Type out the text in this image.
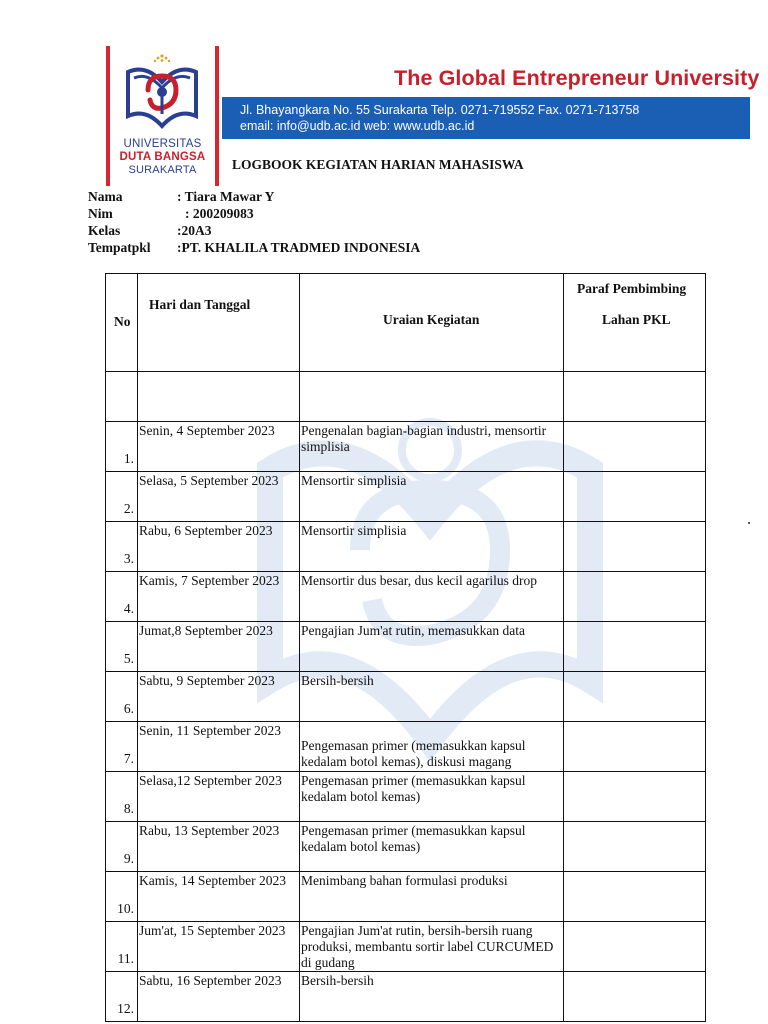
UNIVERSITAS
DUTA BANGSA
SURAKARTA
The Global Entrepreneur University
Jl. Bhayangkara No. 55 Surakarta Telp. 0271-719552 Fax. 0271-713758
email: info@udb.ac.id web: www.udb.ac.id
LOGBOOK KEGIATAN HARIAN MAHASISWA
Nama	: Tiara Mawar Y
Nim	: 200209083
Kelas	:20A3
Tempatpkl :PT. KHALILA TRADMED INDONESIA
No	Hari dan Tanggal	Uraian Kegiatan	Paraf Pembimbing
Lahan PKL

1.	Senin, 4 September 2023	Pengenalan bagian-bagian industri, mensortir simplisia	

2.	Selasa, 5 September 2023	Mensortir simplisia	

3.	Rabu, 6 September 2023	Mensortir simplisia	

4.	Kamis, 7 September 2023	Mensortir dus besar, dus kecil agarilus drop	

5.	Jumat,8 September 2023	Pengajian Jum'at rutin, memasukkan data	

6.	Sabtu, 9 September 2023	Bersih-bersih	

7.	Senin, 11 September 2023	Pengemasan primer (memasukkan kapsul kedalam botol kemas), diskusi magang	

8.	Selasa,12 September 2023	Pengemasan primer (memasukkan kapsul kedalam botol kemas)	

9.	Rabu, 13 September 2023	Pengemasan primer (memasukkan kapsul kedalam botol kemas)	

10.	Kamis, 14 September 2023	Menimbang bahan formulasi produksi	

11.	Jum'at, 15 September 2023	Pengajian Jum'at rutin, bersih-bersih ruang produksi, membantu sortir label CURCUMED di gudang	

12.	Sabtu, 16 September 2023	Bersih-bersih	
